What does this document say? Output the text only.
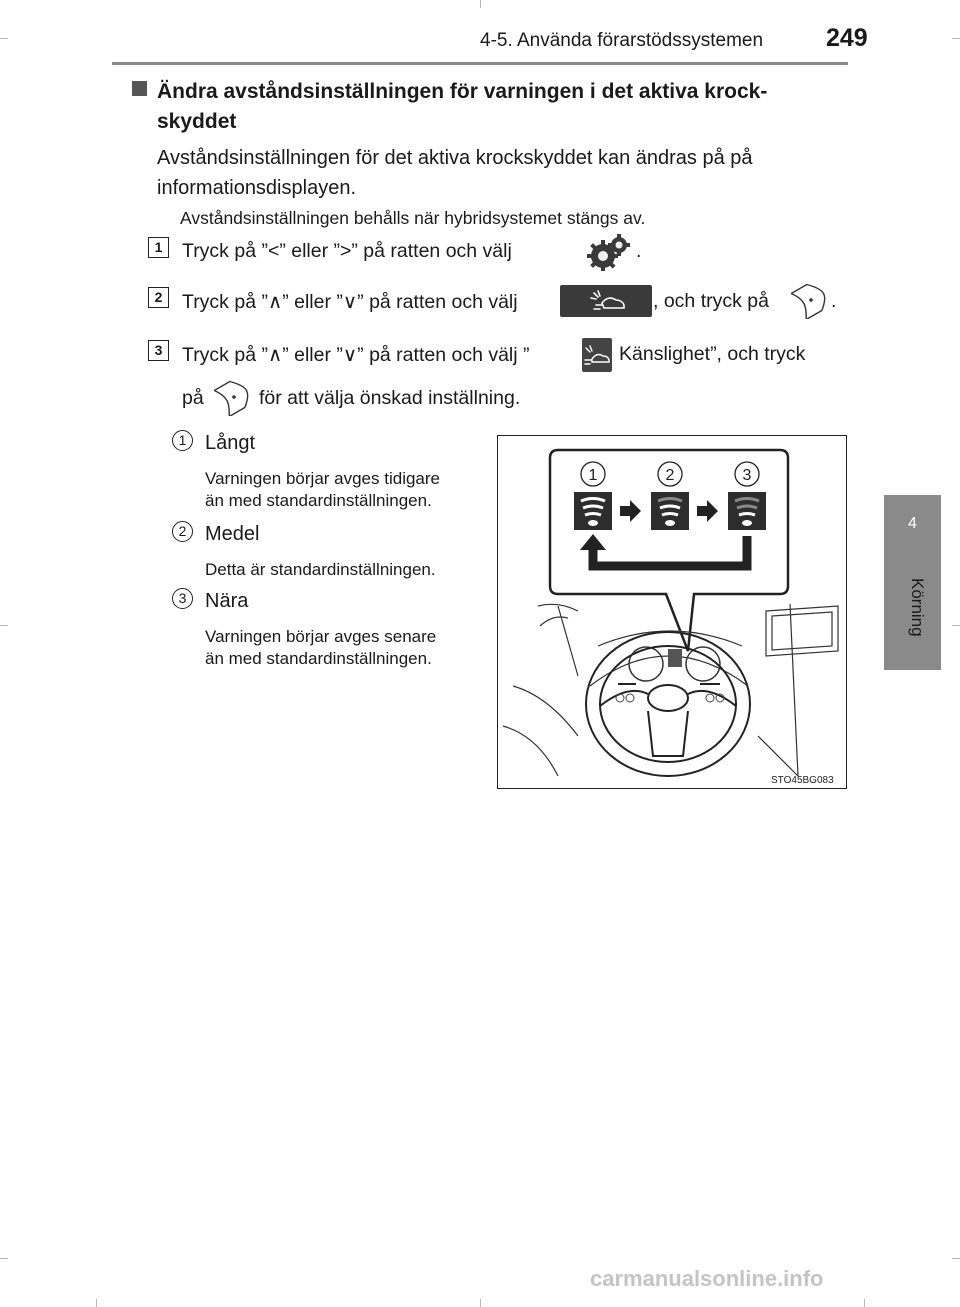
4-5. Använda förarstödssystemen	249
4
Körning
Ändra avståndsinställningen för varningen i det aktiva krock-
skyddet
Avståndsinställningen för det aktiva krockskyddet kan ändras på på
informationsdisplayen.
Avståndsinställningen behålls när hybridsystemet stängs av.
1	Tryck på ”<” eller ”>” på ratten och välj	.
2	Tryck på ”∧” eller ”∨” på ratten och välj	, och tryck på	.
3	Tryck på ”∧” eller ”∨” på ratten och välj ”	Känslighet”, och tryck
på	för att välja önskad inställning.
1 Långt
Varningen börjar avges tidigare
än med standardinställningen.
2 Medel
Detta är standardinställningen.
3 Nära
Varningen börjar avges senare
än med standardinställningen.
1	2	3
STO45BG083
carmanualsonline.info
